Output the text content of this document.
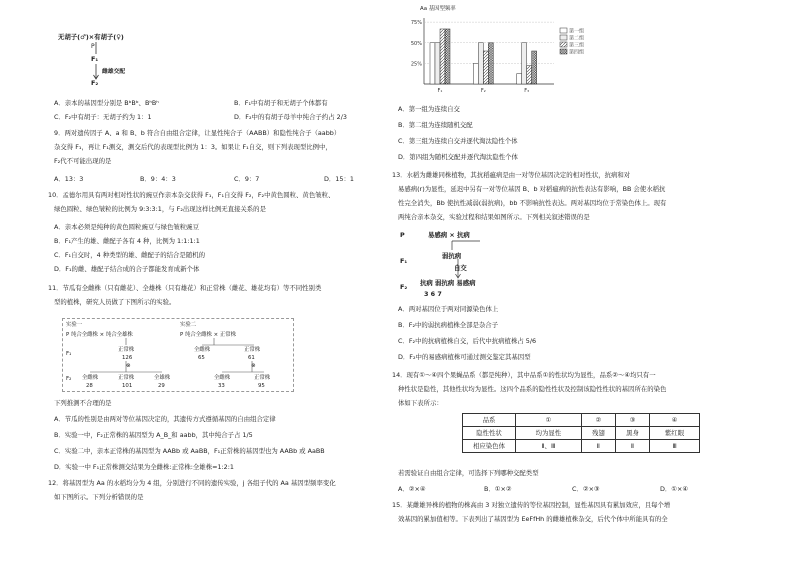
无胡子(♂)×有胡子(♀)
P
F₁
雌雄交配
F₂
A．亲本的基因型分别是 BᵇBᵇ、BʰBʰ	B．F₁中有胡子和无胡子个体都有
C．F₂中有胡子：无胡子约为 1：1	D．F₂中的有胡子母羊中纯合子约占 2/3
9．两对遗传因子 A、a 和 B、b 符合自由组合定律，让显性纯合子（AABB）和隐性纯合子（aabb）
杂交得 F₁，再让 F₁测交，测交后代的表现型比例为 1：3。如果让 F₁自交，则下列表现型比例中，
F₂代不可能出现的是
A．13：3	B．9：4：3	C．9：7	D．15：1
10．孟德尔用具有两对相对性状的豌豆作亲本杂交获得 F₁，F₁自交得 F₂，F₂中黄色圆粒、黄色皱粒、
绿色圆粒、绿色皱粒的比例为 9:3:3:1，与 F₂出现这样比例无直接关系的是
A．亲本必须是纯种的黄色圆粒豌豆与绿色皱粒豌豆
B．F₁产生的雄、雌配子各有 4 种，比例为 1:1:1:1
C．F₁自交时，4 种类型的雄、雌配子的结合是随机的
D．F₁的雌、雄配子结合成的合子都能发育成新个体
11．节瓜有全雌株（只有雌花）、全雄株（只有雄花）和正常株（雌花、雄花均有）等不同性别类
型的植株，研究人员做了下图所示的实验。
实验一
P 纯合全雌株 × 纯合全雄株
F₁
F₂
正常株
126
⊗
全雌株	正常株	全雄株
28	101	29
实验二
P 纯合全雌株 × 正常株
全雌株	正常株
65	61
⊗
全雌株	正常株
33	95
下列推测不合理的是
A．节瓜的性别是由两对等位基因决定的，其遗传方式遵循基因的自由组合定律
B．实验一中，F₂正常株的基因型为 A_B_和 aabb，其中纯合子占 1/5
C．实验二中，亲本正常株的基因型为 AABb 或 AaBB，F₁正常株的基因型也为 AABb 或 AaBB
D．实验一中 F₁正常株测交结果为全雌株:正常株:全雄株=1:2:1
12．将基因型为 Aa 的水稻均分为 4 组，分别进行不同的遗传实验，j 各组子代的 Aa 基因型频率变化
如下图所示。下列分析错误的是
Aa 基因型频率
75%
50%
25%
F₁	F₂	F₃
第一组
第二组
第三组
第四组
A．第一组为连续自交
B．第二组为连续随机交配
C．第三组为连续自交并逐代淘汰隐性个体
D．第四组为随机交配并逐代淘汰隐性个体
13．水稻为雌雄同株植物，其抗稻瘟病是由一对等位基因决定的相对性状，抗病和对
易感病(r)为显性，延迟中另有一对等位基因 B、b 对稻瘟病的抗性表达有影响，BB 会使水稻抗
性完全消失，Bb 使抗性减弱(弱抗病)，bb 不影响抗性表达。两对基因均位于常染色体上。现有
两纯合亲本杂交，实验过程和结果如图所示。下列相关叙述错误的是
P	易感病 × 抗病
F₁
弱抗病
自交
F₂ 抗病 弱抗病 易感病
3 6 7
A．两对基因位于两对同源染色体上
B．F₂中的弱抗病植株全部是杂合子
C．F₂中的抗病植株自交，后代中抗病植株占 5/6
D．F₂中的易感病植株可通过测交鉴定其基因型
14．现有①～④四个果蝇品系（都是纯种），其中品系①的性状均为显性，品系②～④均只有一
种性状是隐性，其他性状均为显性。这四个品系的隐性性状及控制该隐性性状的基因所在的染色
体如下表所示：
品系	①	②	③	④
隐性性状	均为显性	残翅	黑身	紫红眼
相应染色体	Ⅱ、Ⅲ	Ⅱ	Ⅱ	Ⅲ
若需验证自由组合定律，可选择下列哪种交配类型
A．②×④	B．①×②	C．②×③	D．①×④
15．某雌雄异株的植物的株高由 3 对独立遗传的等位基因控制，显性基因具有累加效应，且每个增
效基因的累加值相等。下表列出了基因型为 EeFfHh 的雌雄植株杂交，后代个体中所能具有的全
